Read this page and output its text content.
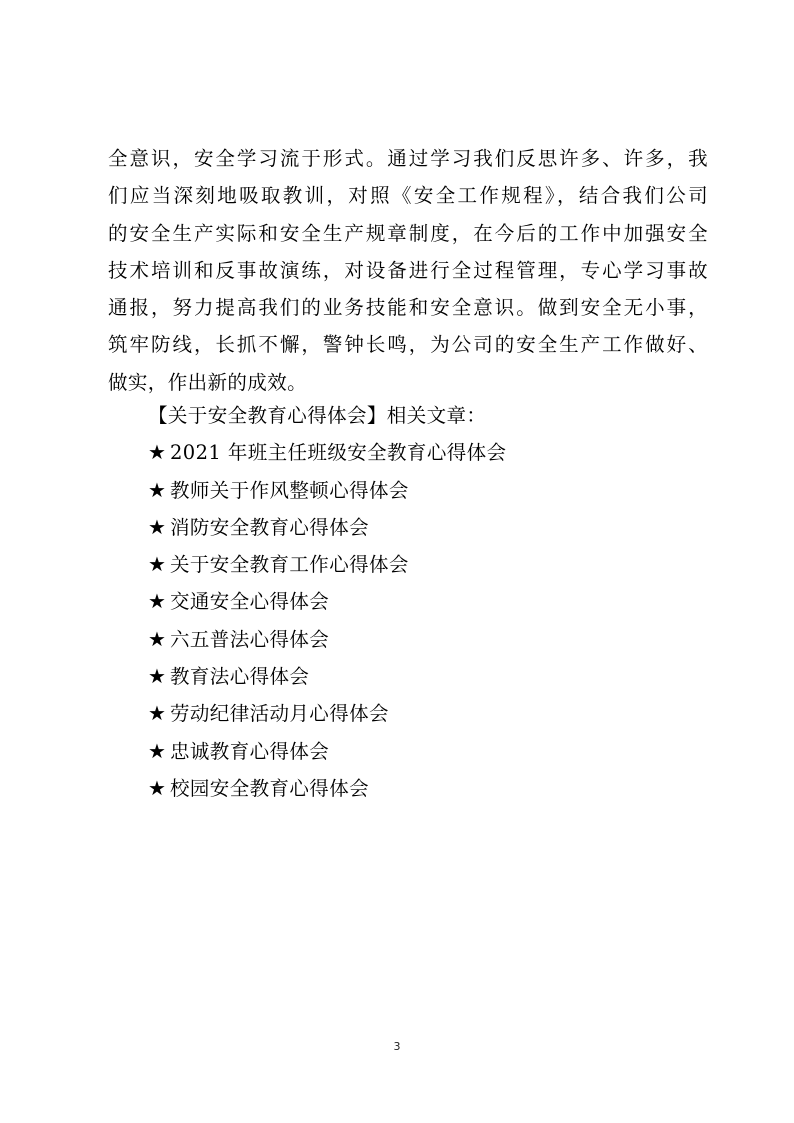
全意识，安全学习流于形式。通过学习我们反思许多、许多，我
们应当深刻地吸取教训，对照《安全工作规程》，结合我们公司
的安全生产实际和安全生产规章制度，在今后的工作中加强安全
技术培训和反事故演练，对设备进行全过程管理，专心学习事故
通报，努力提高我们的业务技能和安全意识。做到安全无小事，
筑牢防线，长抓不懈，警钟长鸣，为公司的安全生产工作做好、
做实，作出新的成效。
【关于安全教育心得体会】相关文章：
★ 2021 年班主任班级安全教育心得体会
★ 教师关于作风整顿心得体会
★ 消防安全教育心得体会
★ 关于安全教育工作心得体会
★ 交通安全心得体会
★ 六五普法心得体会
★ 教育法心得体会
★ 劳动纪律活动月心得体会
★ 忠诚教育心得体会
★ 校园安全教育心得体会
3
